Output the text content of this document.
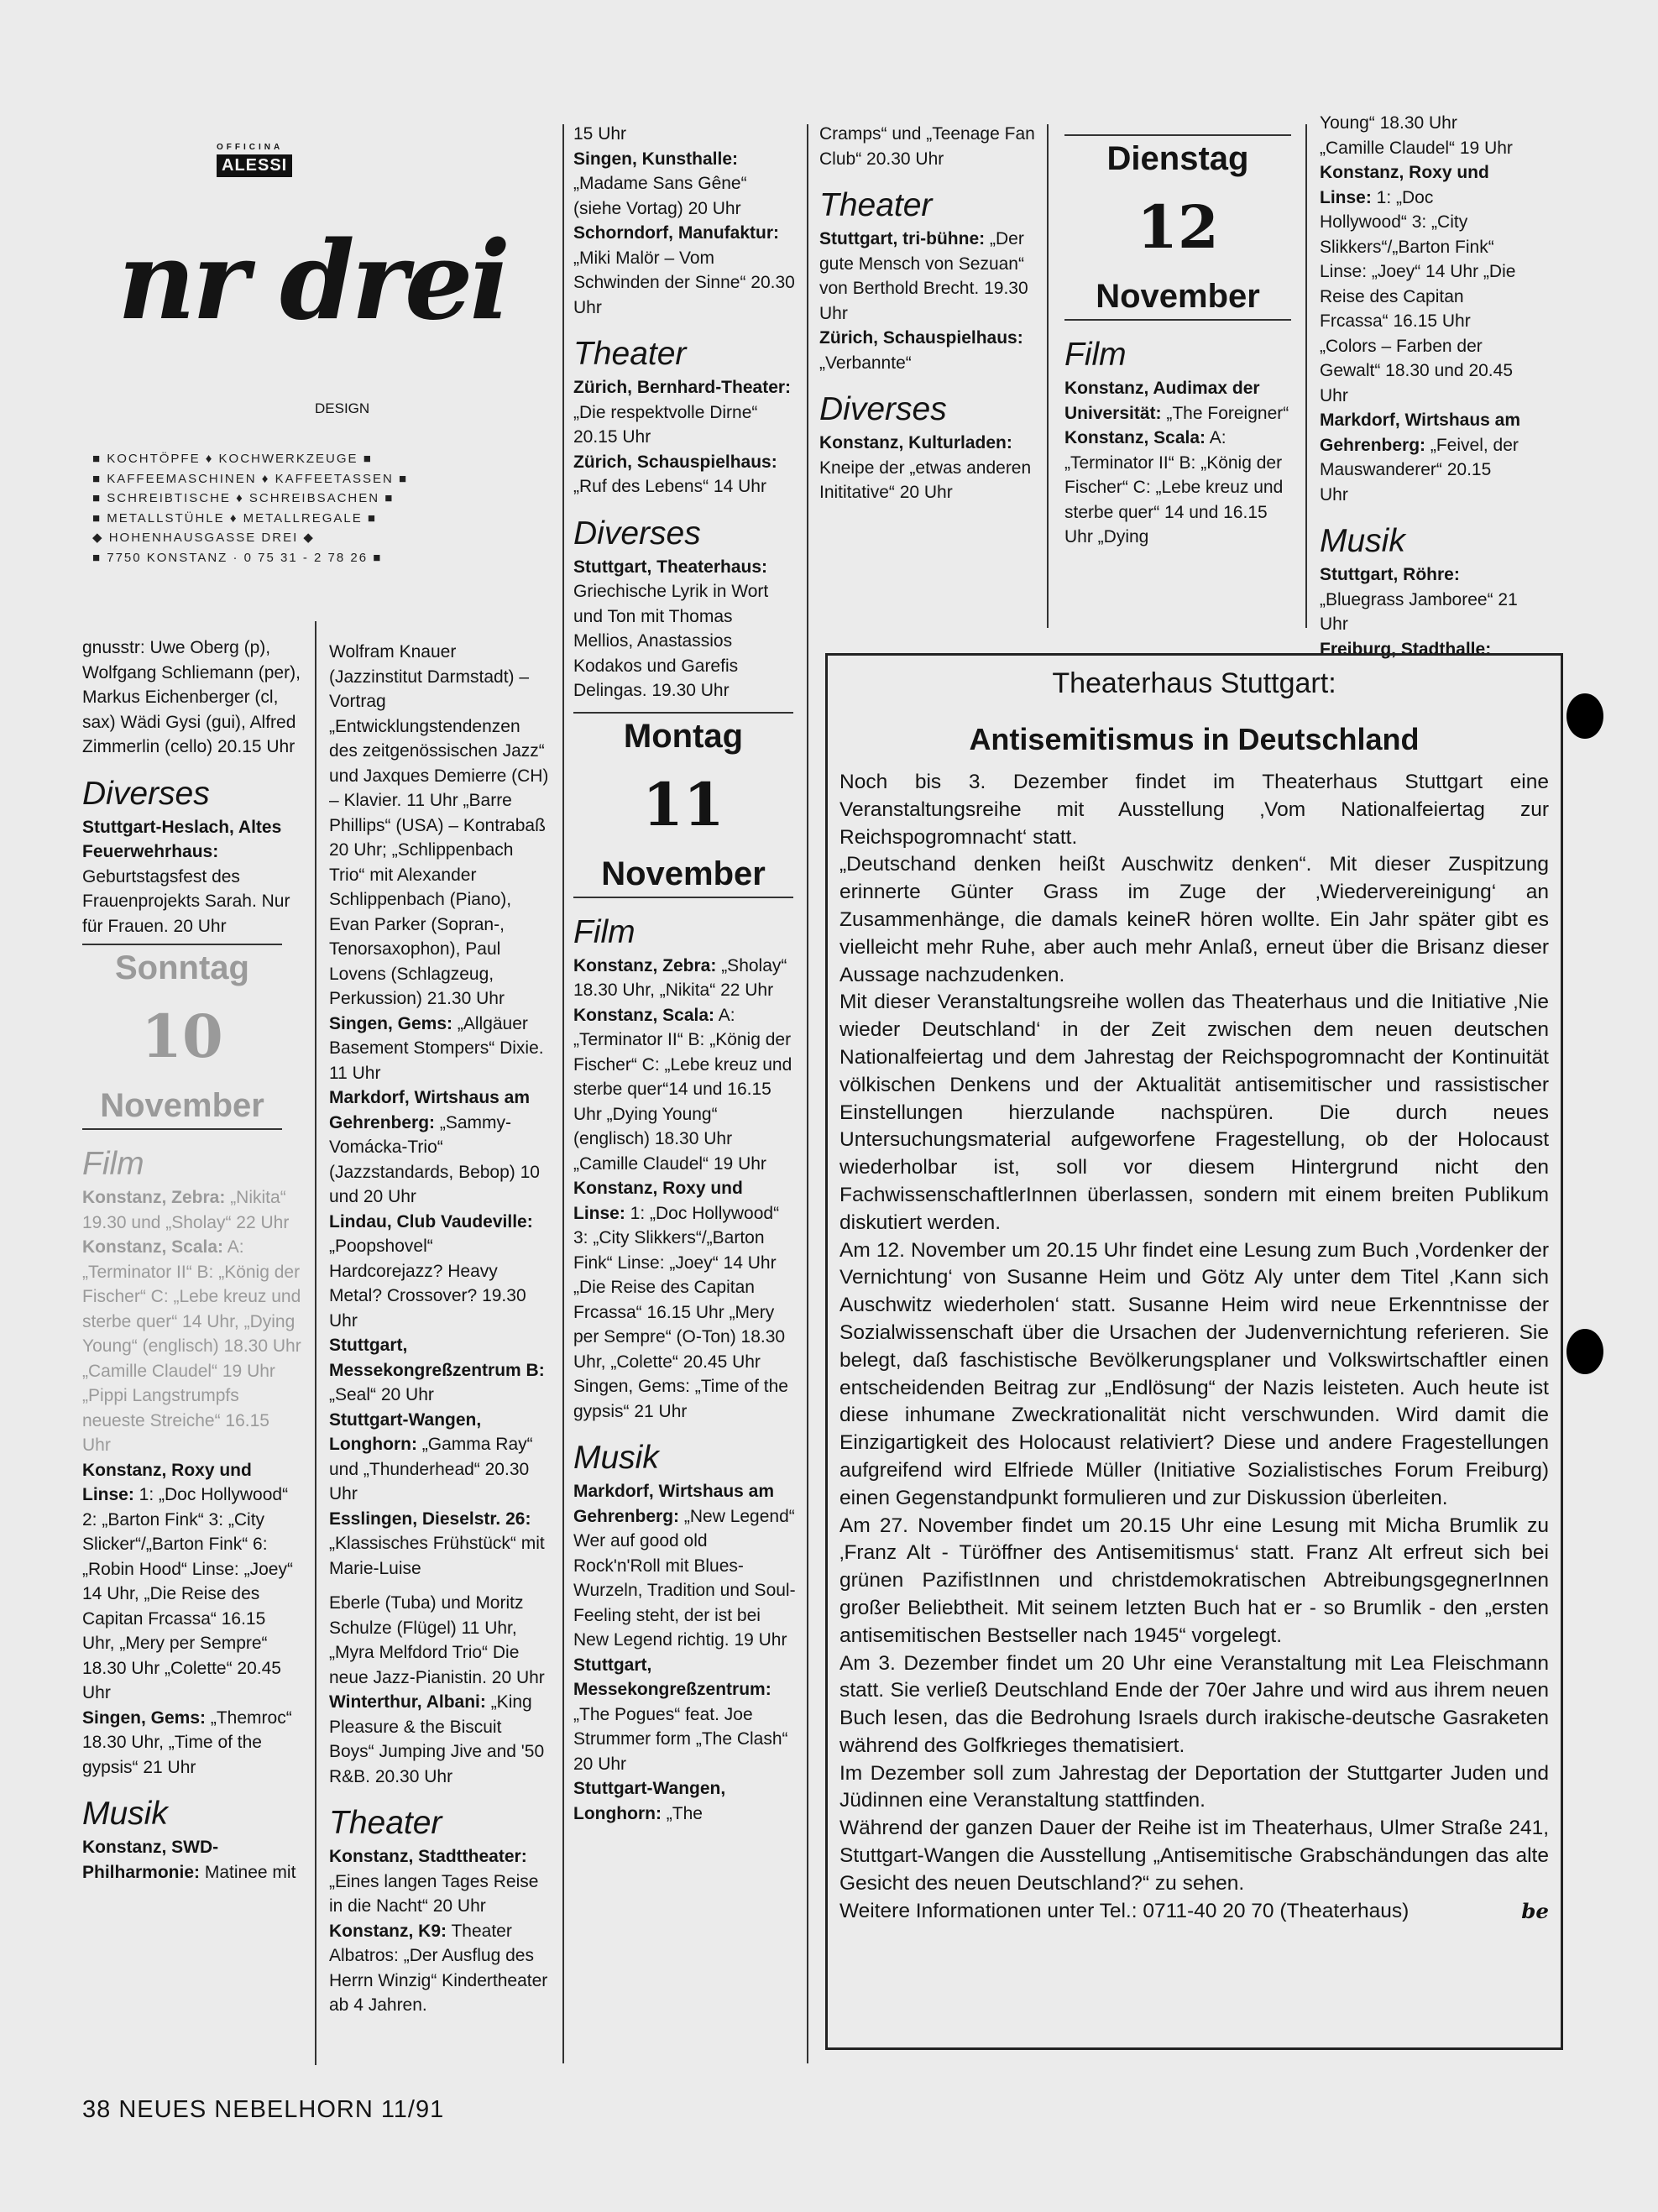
OFFICINA
ALESSI
nr drei
DESIGN
■ KOCHTÖPFE ♦ KOCHWERKZEUGE ■
■ KAFFEEMASCHINEN ♦ KAFFEETASSEN ■
■ SCHREIBTISCHE ♦ SCHREIBSACHEN ■
■ METALLSTÜHLE ♦ METALLREGALE ■
◆ HOHENHAUSGASSE DREI ◆
■ 7750 KONSTANZ · 0 75 31 - 2 78 26 ■

gnusstr: Uwe Oberg (p), Wolfgang Schliemann (per), Markus Eichenberger (cl, sax) Wädi Gysi (gui), Alfred Zimmerlin (cello) 20.15 Uhr

Diverses

Stuttgart-Heslach, Altes Feuerwehrhaus: Geburtstagsfest des Frauenprojekts Sarah. Nur für Frauen. 20 Uhr

Sonntag
10
November
Film

Konstanz, Zebra: „Nikita“ 19.30 und „Sholay“ 22 Uhr

Konstanz, Scala: A: „Terminator II“ B: „König der Fischer“ C: „Lebe kreuz und sterbe quer“ 14 Uhr, „Dying Young“ (englisch) 18.30 Uhr „Camille Claudel“ 19 Uhr „Pippi Langstrumpfs neueste Streiche“ 16.15 Uhr

Konstanz, Roxy und Linse: 1: „Doc Hollywood“ 2: „Barton Fink“ 3: „City Slicker“/„Barton Fink“ 6: „Robin Hood“ Linse: „Joey“ 14 Uhr, „Die Reise des Capitan Frcassa“ 16.15 Uhr, „Mery per Sempre“ 18.30 Uhr „Colette“ 20.45 Uhr

Singen, Gems: „Themroc“ 18.30 Uhr, „Time of the gypsis“ 21 Uhr

Musik

Konstanz, SWD-Philharmonie: Matinee mit

Wolfram Knauer (Jazzinstitut Darmstadt) – Vortrag „Entwicklungstendenzen des zeitgenössischen Jazz“ und Jaxques Demierre (CH) – Klavier. 11 Uhr „Barre Phillips“ (USA) – Kontrabaß 20 Uhr; „Schlippenbach Trio“ mit Alexander Schlippenbach (Piano), Evan Parker (Sopran-, Tenorsaxophon), Paul Lovens (Schlagzeug, Perkussion) 21.30 Uhr

Singen, Gems: „Allgäuer Basement Stompers“ Dixie. 11 Uhr

Markdorf, Wirtshaus am Gehrenberg: „Sammy-Vomácka-Trio“ (Jazzstandards, Bebop) 10 und 20 Uhr

Lindau, Club Vaudeville: „Poopshovel“ Hardcorejazz? Heavy Metal? Crossover? 19.30 Uhr

Stuttgart, Messekongreßzentrum B: „Seal“ 20 Uhr

Stuttgart-Wangen, Longhorn: „Gamma Ray“ und „Thunderhead“ 20.30 Uhr

Esslingen, Dieselstr. 26: „Klassisches Frühstück“ mit Marie-Luise

Eberle (Tuba) und Moritz Schulze (Flügel) 11 Uhr, „Myra Melfdord Trio“ Die neue Jazz-Pianistin. 20 Uhr

Winterthur, Albani: „King Pleasure & the Biscuit Boys“ Jumping Jive and '50 R&B. 20.30 Uhr

Theater

Konstanz, Stadttheater: „Eines langen Tages Reise in die Nacht“ 20 Uhr

Konstanz, K9: Theater Albatros: „Der Ausflug des Herrn Winzig“ Kindertheater ab 4 Jahren.

15 Uhr

Singen, Kunsthalle: „Madame Sans Gêne“ (siehe Vortag) 20 Uhr

Schorndorf, Manufaktur: „Miki Malör – Vom Schwinden der Sinne“ 20.30 Uhr

Theater

Zürich, Bernhard-Theater: „Die respektvolle Dirne“ 20.15 Uhr

Zürich, Schauspielhaus: „Ruf des Lebens“ 14 Uhr

Diverses

Stuttgart, Theaterhaus: Griechische Lyrik in Wort und Ton mit Thomas Mellios, Anastassios Kodakos und Garefis Delingas. 19.30 Uhr

Montag
11
November
Film

Konstanz, Zebra: „Sholay“ 18.30 Uhr, „Nikita“ 22 Uhr

Konstanz, Scala: A: „Terminator II“ B: „König der Fischer“ C: „Lebe kreuz und sterbe quer“14 und 16.15 Uhr „Dying Young“ (englisch) 18.30 Uhr „Camille Claudel“ 19 Uhr

Konstanz, Roxy und Linse: 1: „Doc Hollywood“ 3: „City Slikkers“/„Barton Fink“ Linse: „Joey“ 14 Uhr „Die Reise des Capitan Frcassa“ 16.15 Uhr „Mery per Sempre“ (O-Ton) 18.30 Uhr, „Colette“ 20.45 Uhr Singen, Gems: „Time of the gypsis“ 21 Uhr

Musik

Markdorf, Wirtshaus am Gehrenberg: „New Legend“ Wer auf good old Rock'n'Roll mit Blues-Wurzeln, Tradition und Soul-Feeling steht, der ist bei New Legend richtig. 19 Uhr

Stuttgart, Messekongreßzentrum: „The Pogues“ feat. Joe Strummer form „The Clash“ 20 Uhr

Stuttgart-Wangen, Longhorn: „The

Cramps“ und „Teenage Fan Club“ 20.30 Uhr

Theater

Stuttgart, tri-bühne: „Der gute Mensch von Sezuan“ von Berthold Brecht. 19.30 Uhr

Zürich, Schauspielhaus: „Verbannte“

Diverses

Konstanz, Kulturladen: Kneipe der „etwas anderen Inititative“ 20 Uhr

Dienstag
12
November
Film

Konstanz, Audimax der Universität: „The Foreigner“

Konstanz, Scala: A: „Terminator II“ B: „König der Fischer“ C: „Lebe kreuz und sterbe quer“ 14 und 16.15 Uhr „Dying

Young“ 18.30 Uhr „Camille Claudel“ 19 Uhr

Konstanz, Roxy und Linse: 1: „Doc Hollywood“ 3: „City Slikkers“/„Barton Fink“ Linse: „Joey“ 14 Uhr „Die Reise des Capitan Frcassa“ 16.15 Uhr „Colors – Farben der Gewalt“ 18.30 und 20.45 Uhr

Markdorf, Wirtshaus am Gehrenberg: „Feivel, der Mauswanderer“ 20.15 Uhr

Musik

Stuttgart, Röhre: „Bluegrass Jamboree“ 21 Uhr

Freiburg, Stadthalle:

Theaterhaus Stuttgart:
Antisemitismus in Deutschland

Noch bis 3. Dezember findet im Theaterhaus Stuttgart eine Veranstaltungsreihe mit Ausstellung ‚Vom Nationalfeiertag zur Reichspogromnacht‘ statt.

„Deutschand denken heißt Auschwitz denken“. Mit dieser Zuspitzung erinnerte Günter Grass im Zuge der ‚Wiedervereinigung‘ an Zusammenhänge, die damals keineR hören wollte. Ein Jahr später gibt es vielleicht mehr Ruhe, aber auch mehr Anlaß, erneut über die Brisanz dieser Aussage nachzudenken.

Mit dieser Veranstaltungsreihe wollen das Theaterhaus und die Initiative ‚Nie wieder Deutschland‘ in der Zeit zwischen dem neuen deutschen Nationalfeiertag und dem Jahrestag der Reichspogromnacht der Kontinuität völkischen Denkens und der Aktualität antisemitischer und rassistischer Einstellungen hierzulande nachspüren. Die durch neues Untersuchungsmaterial aufgeworfene Fragestellung, ob der Holocaust wiederholbar ist, soll vor diesem Hintergrund nicht den FachwissenschaftlerInnen überlassen, sondern mit einem breiten Publikum diskutiert werden.

Am 12. November um 20.15 Uhr findet eine Lesung zum Buch ‚Vordenker der Vernichtung‘ von Susanne Heim und Götz Aly unter dem Titel ‚Kann sich Auschwitz wiederholen‘ statt. Susanne Heim wird neue Erkenntnisse der Sozialwissenschaft über die Ursachen der Judenvernichtung referieren. Sie belegt, daß faschistische Bevölkerungsplaner und Volkswirtschaftler einen entscheidenden Beitrag zur „Endlösung“ der Nazis leisteten. Auch heute ist diese inhumane Zweckrationalität nicht verschwunden. Wird damit die Einzigartigkeit des Holocaust relativiert? Diese und andere Fragestellungen aufgreifend wird Elfriede Müller (Initiative Sozialistisches Forum Freiburg) einen Gegenstandpunkt formulieren und zur Diskussion überleiten.

Am 27. November findet um 20.15 Uhr eine Lesung mit Micha Brumlik zu ‚Franz Alt - Türöffner des Antisemitismus‘ statt. Franz Alt erfreut sich bei grünen PazifistInnen und christdemokratischen AbtreibungsgegnerInnen großer Beliebtheit. Mit seinem letzten Buch hat er - so Brumlik - den „ersten antisemitischen Bestseller nach 1945“ vorgelegt.

Am 3. Dezember findet um 20 Uhr eine Veranstaltung mit Lea Fleischmann statt. Sie verließ Deutschland Ende der 70er Jahre und wird aus ihrem neuen Buch lesen, das die Bedrohung Israels durch irakische-deutsche Gasraketen während des Golfkrieges thematisiert.

Im Dezember soll zum Jahrestag der Deportation der Stuttgarter Juden und Jüdinnen eine Veranstaltung stattfinden.

Während der ganzen Dauer der Reihe ist im Theaterhaus, Ulmer Straße 241, Stuttgart-Wangen die Ausstellung „Antisemitische Grabschändungen das alte Gesicht des neuen Deutschland?“ zu sehen.

Weitere Informationen unter Tel.: 0711-40 20 70 (Theaterhaus)	be

38 NEUES NEBELHORN 11/91
